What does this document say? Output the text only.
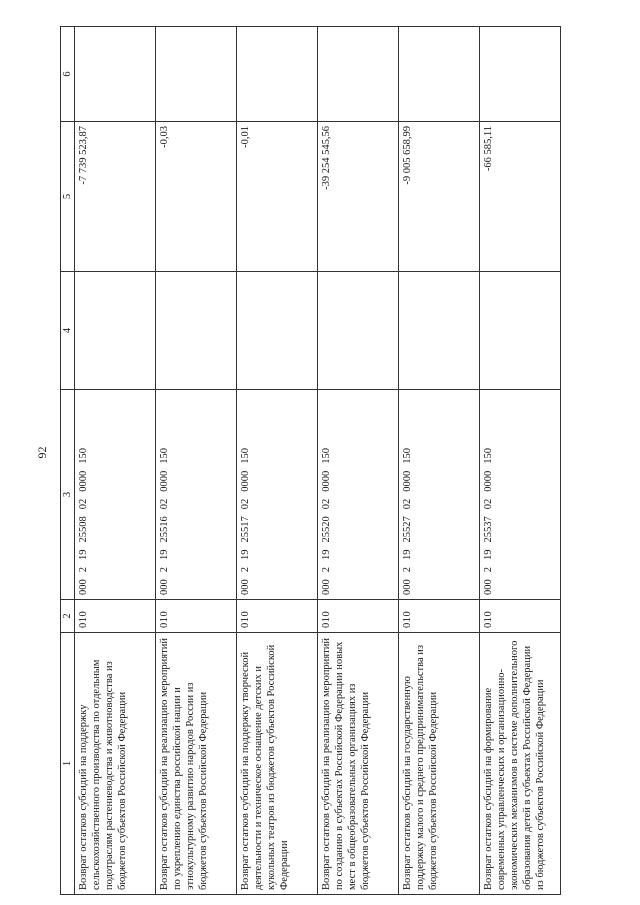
92
1	2	3	4	5	6
Возврат остатков субсидий на поддержку сельскохозяйственного производства по отдельным подотраслям растениеводства и животноводства из бюджетов субъектов Российской Федерации	010	00021925508020000150		-7 739 523,87	
Возврат остатков субсидий на реализацию мероприятий по укреплению единства российской нации и этнокультурному развитию народов России из бюджетов субъектов Российской Федерации	010	00021925516020000150		-0,03	
Возврат остатков субсидий на поддержку творческой деятельности и техническое оснащение детских и кукольных театров из бюджетов субъектов Российской Федерации	010	00021925517020000150		-0,01	
Возврат остатков субсидий на реализацию мероприятий по созданию в субъектах Российской Федерации новых мест в общеобразовательных организациях из бюджетов субъектов Российской Федерации	010	00021925520020000150		-39 254 545,56	
Возврат остатков субсидий на государственную поддержку малого и среднего предпринимательства из бюджетов субъектов Российской Федерации	010	00021925527020000150		-9 005 658,99	
Возврат остатков субсидий на формирование современных управленческих и организационно-экономических механизмов в системе дополнительного образования детей в субъектах Российской Федерации из бюджетов субъектов Российской Федерации	010	00021925537020000150		-66 585,11	
